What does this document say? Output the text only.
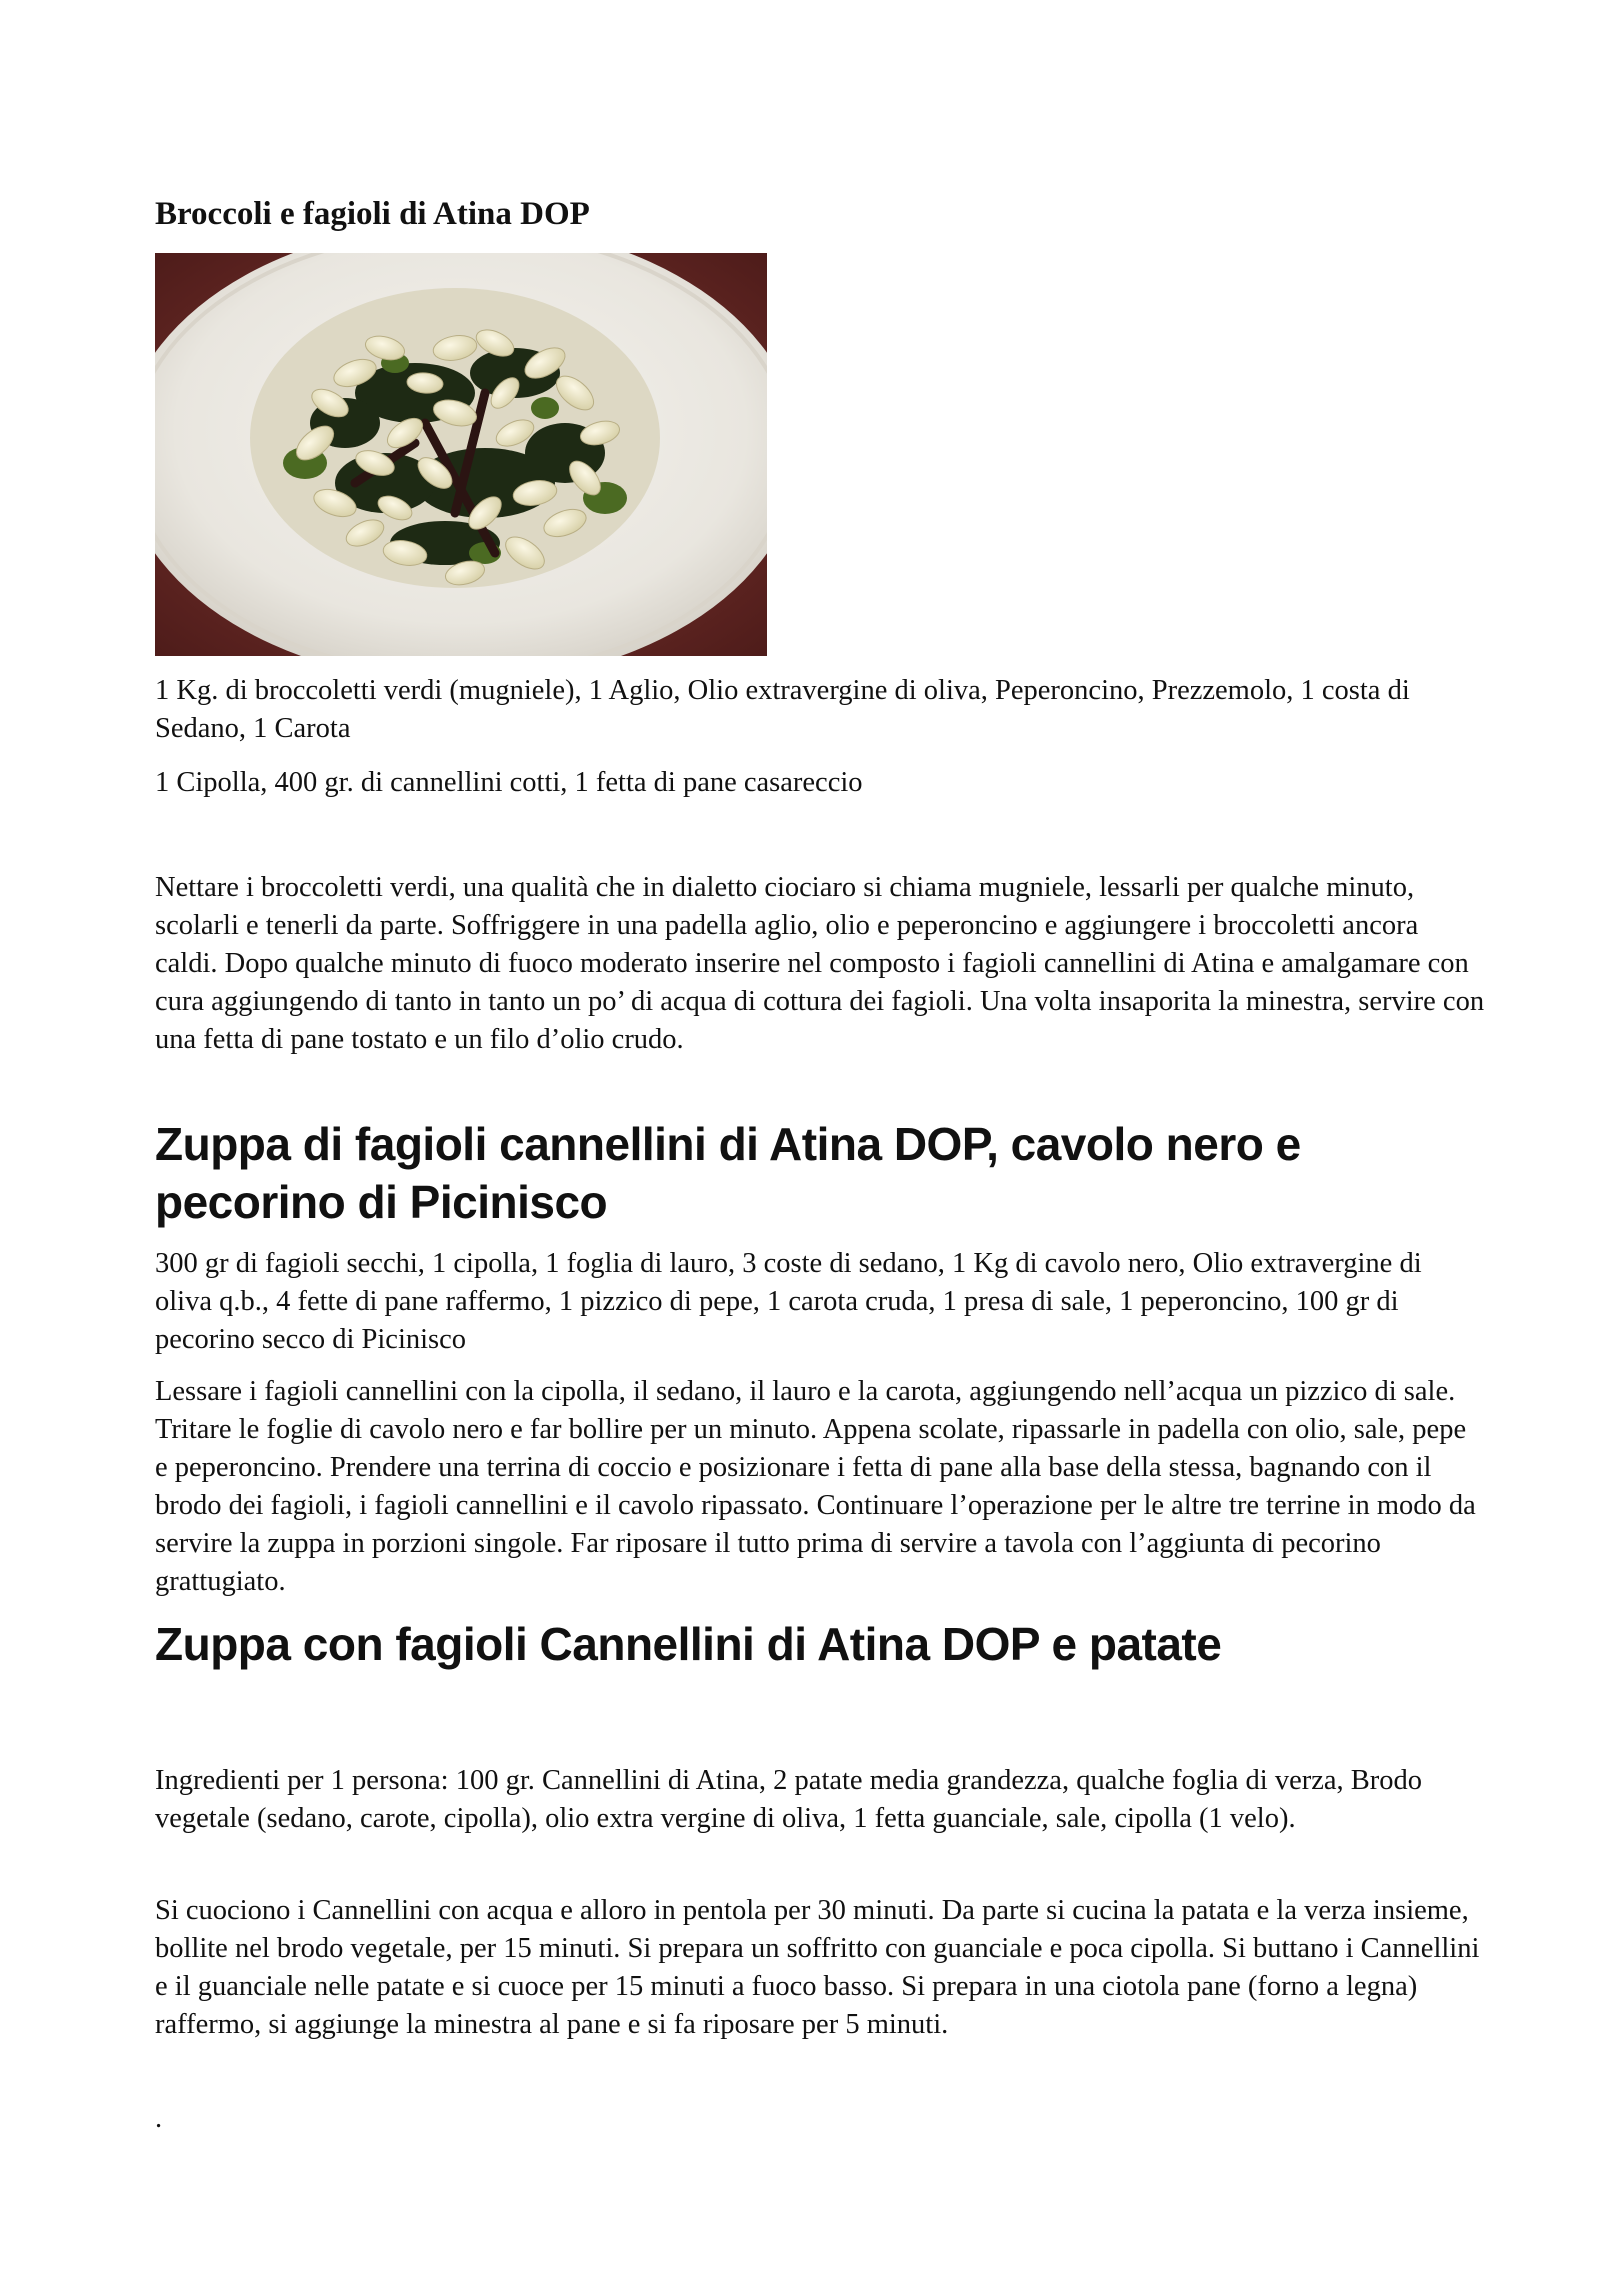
Broccoli e fagioli di Atina DOP

1 Kg. di broccoletti verdi (mugniele), 1 Aglio, Olio extravergine di oliva, Peperoncino, Prezzemolo, 1 costa di Sedano, 1 Carota

1 Cipolla, 400 gr. di cannellini cotti, 1 fetta di pane casareccio

Nettare i broccoletti verdi, una qualità che in dialetto ciociaro si chiama mugniele, lessarli per qualche minuto, scolarli e tenerli da parte. Soffriggere in una padella aglio, olio e peperoncino e aggiungere i broccoletti ancora caldi. Dopo qualche minuto di fuoco moderato inserire nel composto i fagioli cannellini di Atina e amalgamare con cura aggiungendo di tanto in tanto un po’ di acqua di cottura dei fagioli. Una volta insaporita la minestra, servire con una fetta di pane tostato e un filo d’olio crudo.

Zuppa di fagioli cannellini di Atina DOP, cavolo nero e pecorino di Picinisco

300 gr di fagioli secchi, 1 cipolla, 1 foglia di lauro, 3 coste di sedano, 1 Kg di cavolo nero, Olio extravergine di oliva q.b., 4 fette di pane raffermo, 1 pizzico di pepe, 1 carota cruda, 1 presa di sale, 1 peperoncino, 100 gr di pecorino secco di Picinisco

Lessare i fagioli cannellini con la cipolla, il sedano, il lauro e la carota, aggiungendo nell’acqua un pizzico di sale. Tritare le foglie di cavolo nero e far bollire per un minuto. Appena scolate, ripassarle in padella con olio, sale, pepe e peperoncino. Prendere una terrina di coccio e posizionare i fetta di pane alla base della stessa, bagnando con il brodo dei fagioli, i fagioli cannellini e il cavolo ripassato. Continuare l’operazione per le altre tre terrine in modo da servire la zuppa in porzioni singole. Far riposare il tutto prima di servire a tavola con l’aggiunta di pecorino grattugiato.

Zuppa con fagioli Cannellini di Atina DOP e patate

Ingredienti per 1 persona: 100 gr. Cannellini di Atina, 2 patate media grandezza, qualche foglia di verza, Brodo vegetale (sedano, carote, cipolla), olio extra vergine di oliva, 1 fetta guanciale, sale, cipolla (1 velo).

Si cuociono i Cannellini con acqua e alloro in pentola per 30 minuti. Da parte si cucina la patata e la verza insieme, bollite nel brodo vegetale, per 15 minuti. Si prepara un soffritto con guanciale e poca cipolla. Si buttano i Cannellini e il guanciale nelle patate e si cuoce per 15 minuti a fuoco basso. Si prepara in una ciotola pane (forno a legna) raffermo, si aggiunge la minestra al pane e si fa riposare per 5 minuti.

.
